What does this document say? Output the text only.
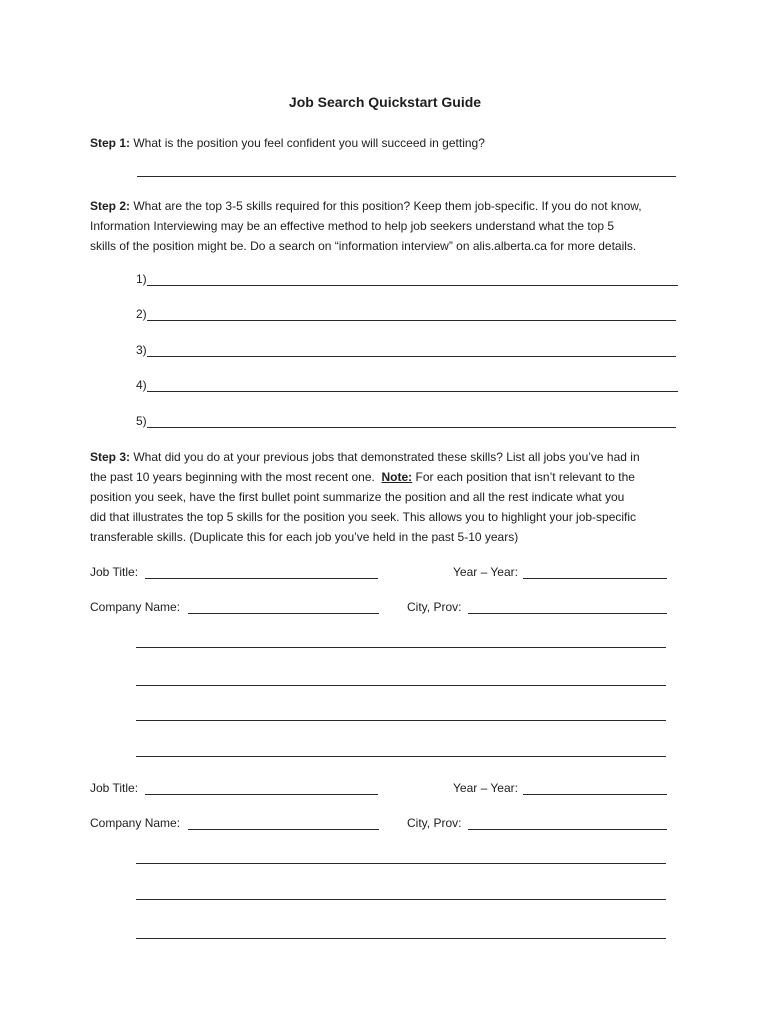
Job Search Quickstart Guide
Step 1: What is the position you feel confident you will succeed in getting?
Step 2: What are the top 3-5 skills required for this position? Keep them job-specific. If you do not know,
Information Interviewing may be an effective method to help job seekers understand what the top 5
skills of the position might be. Do a search on “information interview” on alis.alberta.ca for more details.
1)
2)
3)
4)
5)
Step 3: What did you do at your previous jobs that demonstrated these skills? List all jobs you’ve had in
the past 10 years beginning with the most recent one.  Note: For each position that isn’t relevant to the
position you seek, have the first bullet point summarize the position and all the rest indicate what you
did that illustrates the top 5 skills for the position you seek. This allows you to highlight your job-specific
transferable skills. (Duplicate this for each job you’ve held in the past 5-10 years)
Job Title:	Year – Year:
Company Name:	City, Prov:
Job Title:	Year – Year:
Company Name:	City, Prov:
